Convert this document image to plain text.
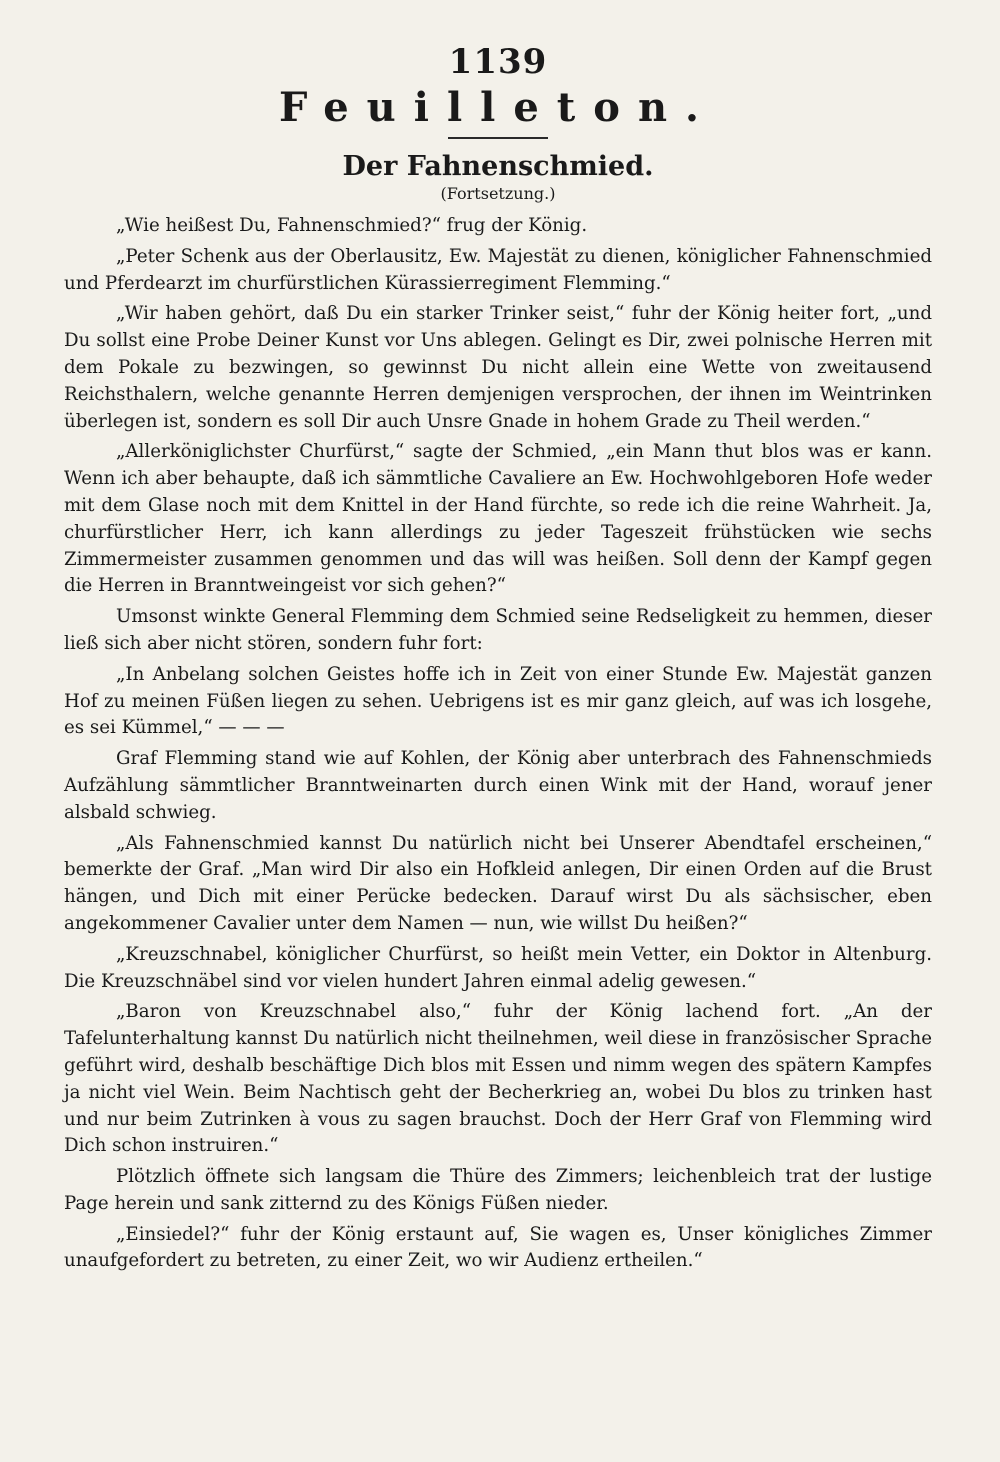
1139
Feuilleton.
Der Fahnenschmied.
(Fortsetzung.)

„Wie heißest Du, Fahnenschmied?“ frug der König.

„Peter Schenk aus der Oberlausitz, Ew. Majestät zu dienen, königlicher Fahnenschmied und Pferdearzt im churfürstlichen Kürassierregiment Flemming.“

„Wir haben gehört, daß Du ein starker Trinker seist,“ fuhr der König heiter fort, „und Du sollst eine Probe Deiner Kunst vor Uns ablegen. Gelingt es Dir, zwei polnische Herren mit dem Pokale zu bezwingen, so gewinnst Du nicht allein eine Wette von zweitausend Reichsthalern, welche genannte Herren demjenigen versprochen, der ihnen im Weintrinken überlegen ist, sondern es soll Dir auch Unsre Gnade in hohem Grade zu Theil werden.“

„Allerköniglichster Churfürst,“ sagte der Schmied, „ein Mann thut blos was er kann. Wenn ich aber behaupte, daß ich sämmtliche Cavaliere an Ew. Hochwohlgeboren Hofe weder mit dem Glase noch mit dem Knittel in der Hand fürchte, so rede ich die reine Wahrheit. Ja, churfürstlicher Herr, ich kann allerdings zu jeder Tageszeit frühstücken wie sechs Zimmermeister zusammen genommen und das will was heißen. Soll denn der Kampf gegen die Herren in Branntweingeist vor sich gehen?“

Umsonst winkte General Flemming dem Schmied seine Redseligkeit zu hemmen, dieser ließ sich aber nicht stören, sondern fuhr fort:

„In Anbelang solchen Geistes hoffe ich in Zeit von einer Stunde Ew. Majestät ganzen Hof zu meinen Füßen liegen zu sehen. Uebrigens ist es mir ganz gleich, auf was ich losgehe, es sei Kümmel,“ — — —

Graf Flemming stand wie auf Kohlen, der König aber unterbrach des Fahnenschmieds Aufzählung sämmtlicher Branntweinarten durch einen Wink mit der Hand, worauf jener alsbald schwieg.

„Als Fahnenschmied kannst Du natürlich nicht bei Unserer Abendtafel erscheinen,“ bemerkte der Graf. „Man wird Dir also ein Hofkleid anlegen, Dir einen Orden auf die Brust hängen, und Dich mit einer Perücke bedecken. Darauf wirst Du als sächsischer, eben angekommener Cavalier unter dem Namen — nun, wie willst Du heißen?“

„Kreuzschnabel, königlicher Churfürst, so heißt mein Vetter, ein Doktor in Altenburg. Die Kreuzschnäbel sind vor vielen hundert Jahren einmal adelig gewesen.“

„Baron von Kreuzschnabel also,“ fuhr der König lachend fort. „An der Tafelunterhaltung kannst Du natürlich nicht theilnehmen, weil diese in französischer Sprache geführt wird, deshalb beschäftige Dich blos mit Essen und nimm wegen des spätern Kampfes ja nicht viel Wein. Beim Nachtisch geht der Becherkrieg an, wobei Du blos zu trinken hast und nur beim Zutrinken à vous zu sagen brauchst. Doch der Herr Graf von Flemming wird Dich schon instruiren.“

Plötzlich öffnete sich langsam die Thüre des Zimmers; leichenbleich trat der lustige Page herein und sank zitternd zu des Königs Füßen nieder.

„Einsiedel?“ fuhr der König erstaunt auf, Sie wagen es, Unser königliches Zimmer unaufgefordert zu betreten, zu einer Zeit, wo wir Audienz ertheilen.“
